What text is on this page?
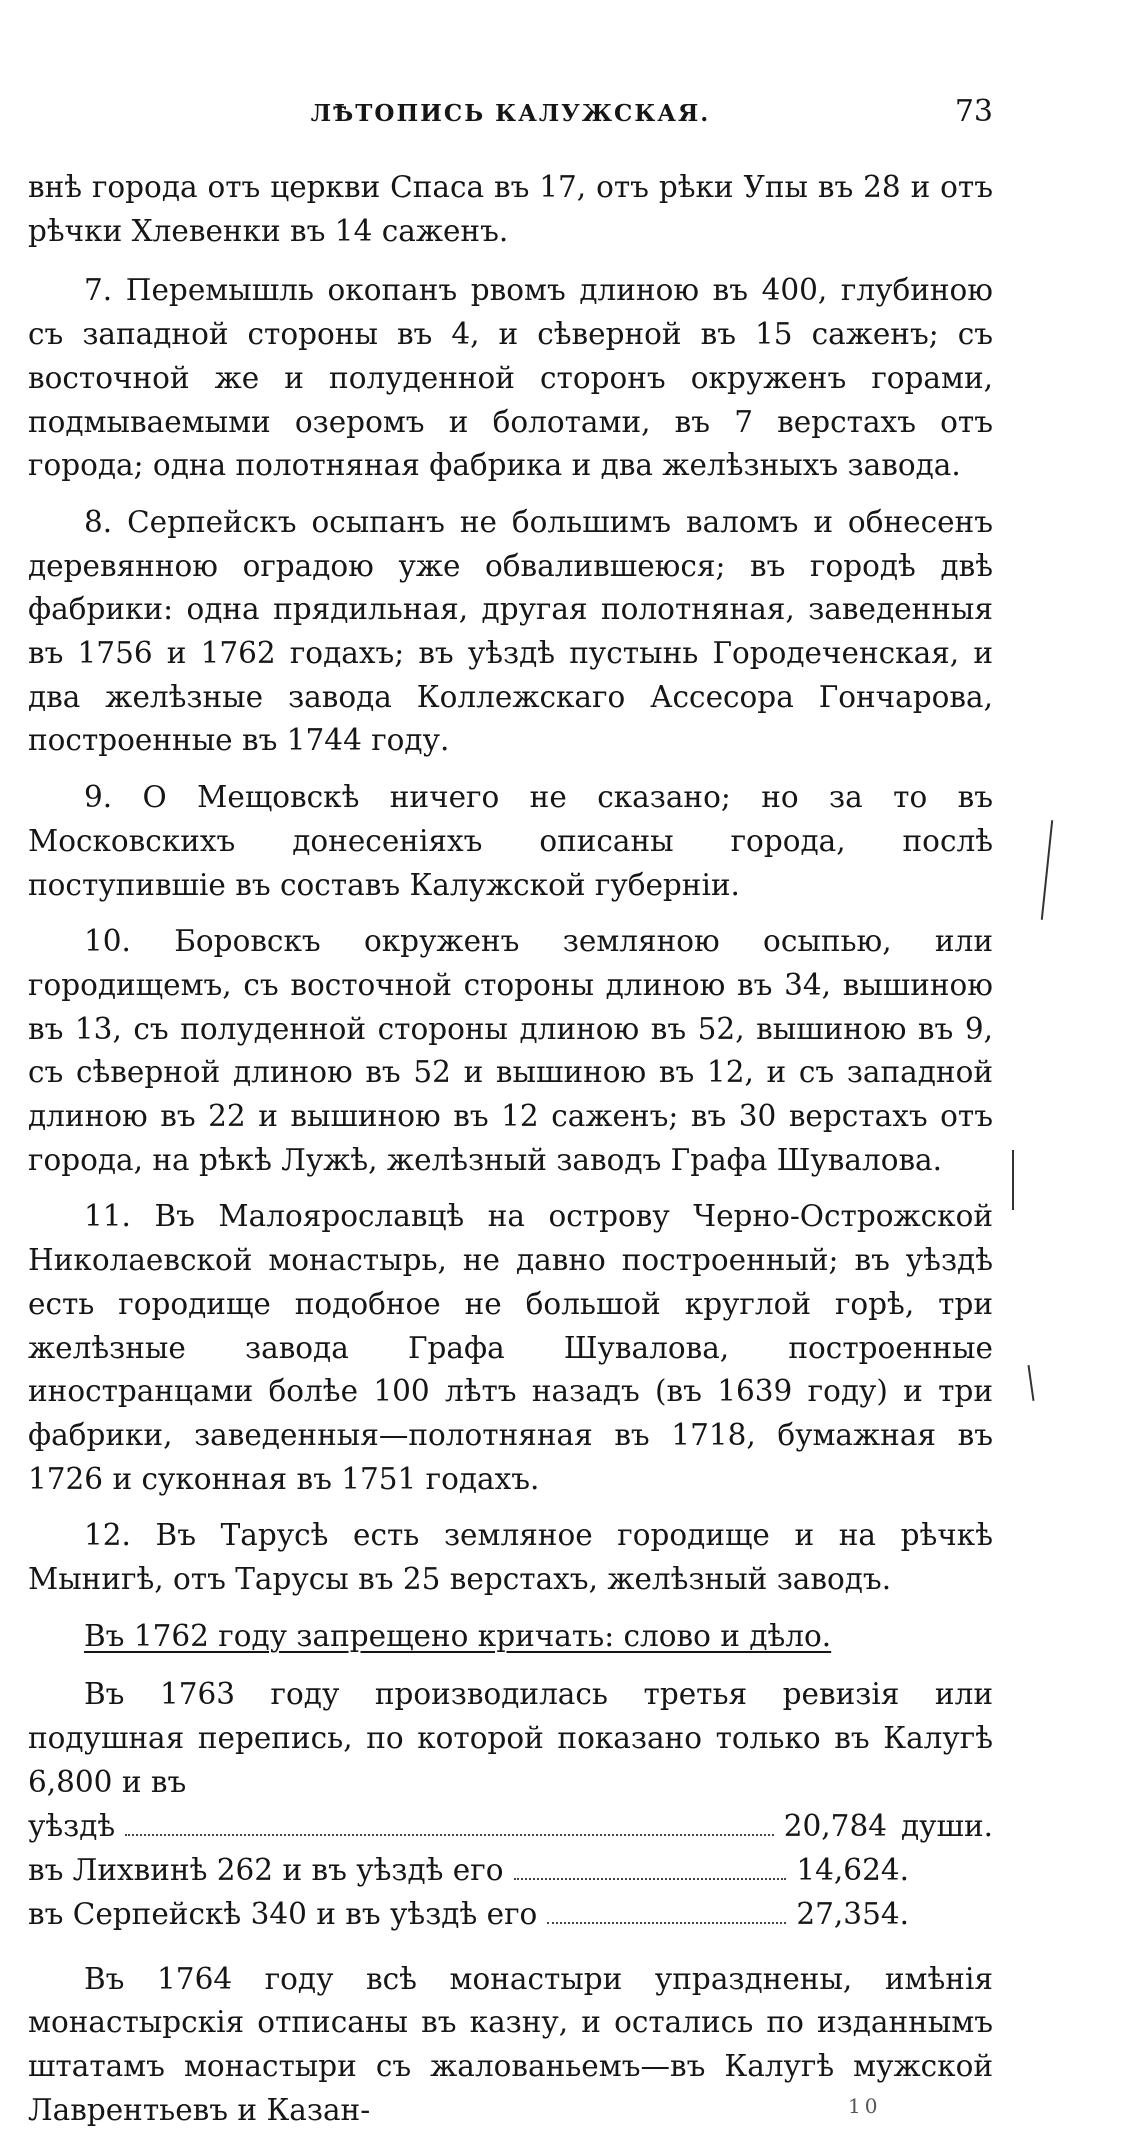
ЛѢТОПИСЬ КАЛУЖСКАЯ.	73

внѣ города отъ церкви Спаса въ 17, отъ рѣки Упы въ 28 и отъ рѣчки Хлевенки въ 14 саженъ.

7. Перемышль окопанъ рвомъ длиною въ 400, глубиною съ западной стороны въ 4, и сѣверной въ 15 саженъ; съ восточной же и полуденной сторонъ окруженъ горами, подмываемыми озеромъ и болотами, въ 7 верстахъ отъ города; одна полотняная фабрика и два желѣзныхъ завода.

8. Серпейскъ осыпанъ не большимъ валомъ и обнесенъ деревянною оградою уже обвалившеюся; въ городѣ двѣ фабрики: одна прядильная, другая полотняная, заведенныя въ 1756 и 1762 годахъ; въ уѣздѣ пустынь Городеченская, и два желѣзные завода Коллежскаго Ассесора Гончарова, построенные въ 1744 году.

9. О Мещовскѣ ничего не сказано; но за то въ Московскихъ донесеніяхъ описаны города, послѣ поступившіе въ составъ Калужской губерніи.

10. Боровскъ окруженъ земляною осыпью, или городищемъ, съ восточной стороны длиною въ 34, вышиною въ 13, съ полуденной стороны длиною въ 52, вышиною въ 9, съ сѣверной длиною въ 52 и вышиною въ 12, и съ западной длиною въ 22 и вышиною въ 12 саженъ; въ 30 верстахъ отъ города, на рѣкѣ Лужѣ, желѣзный заводъ Графа Шувалова.

11. Въ Малоярославцѣ на острову Черно-Острожской Николаевской монастырь, не давно построенный; въ уѣздѣ есть городище подобное не большой круглой горѣ, три желѣзные завода Графа Шувалова, построенные иностранцами болѣе 100 лѣтъ назадъ (въ 1639 году) и три фабрики, заведенныя—полотняная въ 1718, бумажная въ 1726 и суконная въ 1751 годахъ.

12. Въ Тарусѣ есть земляное городище и на рѣчкѣ Мынигѣ, отъ Тарусы въ 25 верстахъ, желѣзный заводъ.

Въ 1762 году запрещено кричать: слово и дѣло.

Въ 1763 году производилась третья ревизія или подушная перепись, по которой показано только въ Калугѣ 6,800 и въ

уѣздѣ	20,784 души.
въ Лихвинѣ 262 и въ уѣздѣ его	14,624.
въ Серпейскѣ 340 и въ уѣздѣ его	27,354.

Въ 1764 году всѣ монастыри упразднены, имѣнія монастырскія отписаны въ казну, и остались по изданнымъ штатамъ монастыри съ жалованьемъ—въ Калугѣ мужской Лаврентьевъ и Казан-	10
